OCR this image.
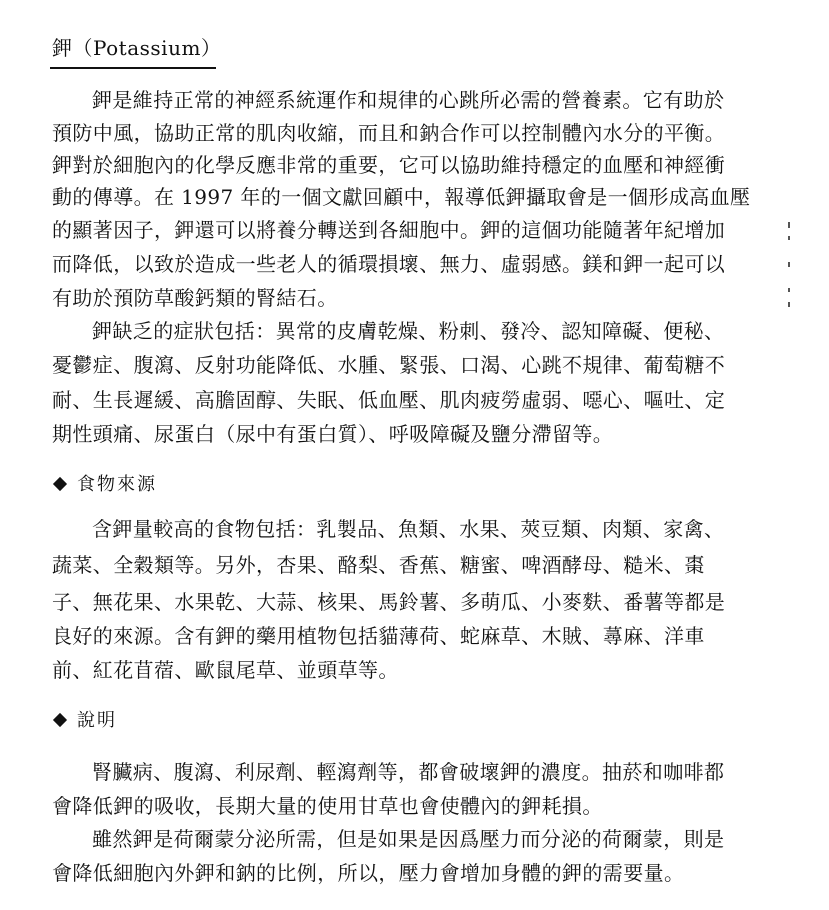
鉀（Potassium）
鉀是維持正常的神經系統運作和規律的心跳所必需的營養素。它有助於
預防中風，協助正常的肌肉收縮，而且和鈉合作可以控制體內水分的平衡。
鉀對於細胞內的化學反應非常的重要，它可以協助維持穩定的血壓和神經衝
動的傳導。在 1997 年的一個文獻回顧中，報導低鉀攝取會是一個形成高血壓
的顯著因子，鉀還可以將養分轉送到各細胞中。鉀的這個功能隨著年紀增加
而降低，以致於造成一些老人的循環損壞、無力、虛弱感。鎂和鉀一起可以
有助於預防草酸鈣類的腎結石。
鉀缺乏的症狀包括：異常的皮膚乾燥、粉刺、發冷、認知障礙、便秘、
憂鬱症、腹瀉、反射功能降低、水腫、緊張、口渴、心跳不規律、葡萄糖不
耐、生長遲緩、高膽固醇、失眠、低血壓、肌肉疲勞虛弱、噁心、嘔吐、定
期性頭痛、尿蛋白（尿中有蛋白質）、呼吸障礙及鹽分滯留等。
食物來源
含鉀量較高的食物包括：乳製品、魚類、水果、莢豆類、肉類、家禽、
蔬菜、全穀類等。另外，杏果、酪梨、香蕉、糖蜜、啤酒酵母、糙米、棗
子、無花果、水果乾、大蒜、核果、馬鈴薯、多萌瓜、小麥麩、番薯等都是
良好的來源。含有鉀的藥用植物包括貓薄荷、蛇麻草、木賊、蕁麻、洋車
前、紅花苜蓿、歐鼠尾草、並頭草等。
說明
腎臟病、腹瀉、利尿劑、輕瀉劑等，都會破壞鉀的濃度。抽菸和咖啡都
會降低鉀的吸收，長期大量的使用甘草也會使體內的鉀耗損。
雖然鉀是荷爾蒙分泌所需，但是如果是因爲壓力而分泌的荷爾蒙，則是
會降低細胞內外鉀和鈉的比例，所以，壓力會增加身體的鉀的需要量。
